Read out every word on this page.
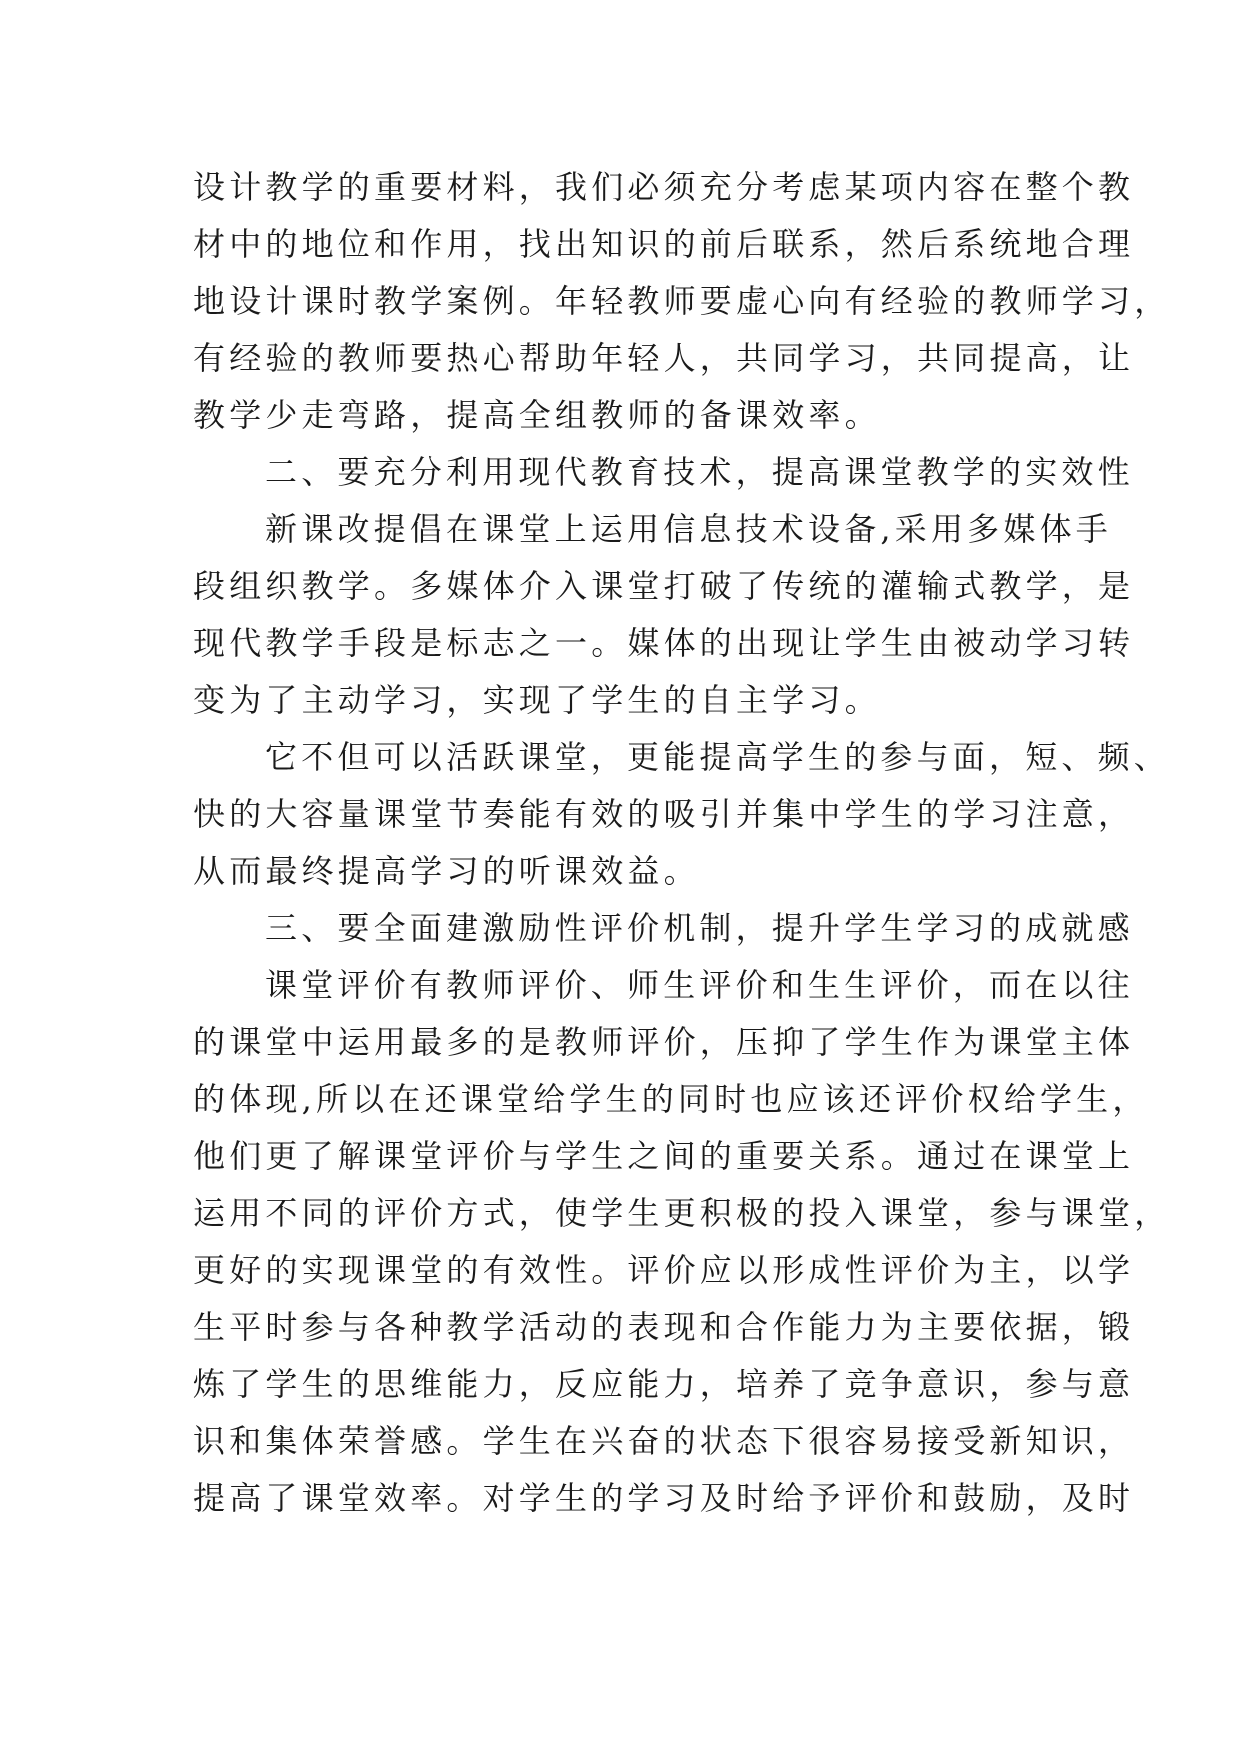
设计教学的重要材料，我们必须充分考虑某项内容在整个教
材中的地位和作用，找出知识的前后联系，然后系统地合理
地设计课时教学案例。年轻教师要虚心向有经验的教师学习，
有经验的教师要热心帮助年轻人，共同学习，共同提高，让
教学少走弯路，提高全组教师的备课效率。
二、要充分利用现代教育技术，提高课堂教学的实效性
新课改提倡在课堂上运用信息技术设备,采用多媒体手
段组织教学。多媒体介入课堂打破了传统的灌输式教学，是
现代教学手段是标志之一。媒体的出现让学生由被动学习转
变为了主动学习，实现了学生的自主学习。
它不但可以活跃课堂，更能提高学生的参与面，短、频、
快的大容量课堂节奏能有效的吸引并集中学生的学习注意，
从而最终提高学习的听课效益。
三、要全面建激励性评价机制，提升学生学习的成就感
课堂评价有教师评价、师生评价和生生评价，而在以往
的课堂中运用最多的是教师评价，压抑了学生作为课堂主体
的体现,所以在还课堂给学生的同时也应该还评价权给学生，
他们更了解课堂评价与学生之间的重要关系。通过在课堂上
运用不同的评价方式，使学生更积极的投入课堂，参与课堂，
更好的实现课堂的有效性。评价应以形成性评价为主，以学
生平时参与各种教学活动的表现和合作能力为主要依据，锻
炼了学生的思维能力，反应能力，培养了竞争意识，参与意
识和集体荣誉感。学生在兴奋的状态下很容易接受新知识，
提高了课堂效率。对学生的学习及时给予评价和鼓励，及时
